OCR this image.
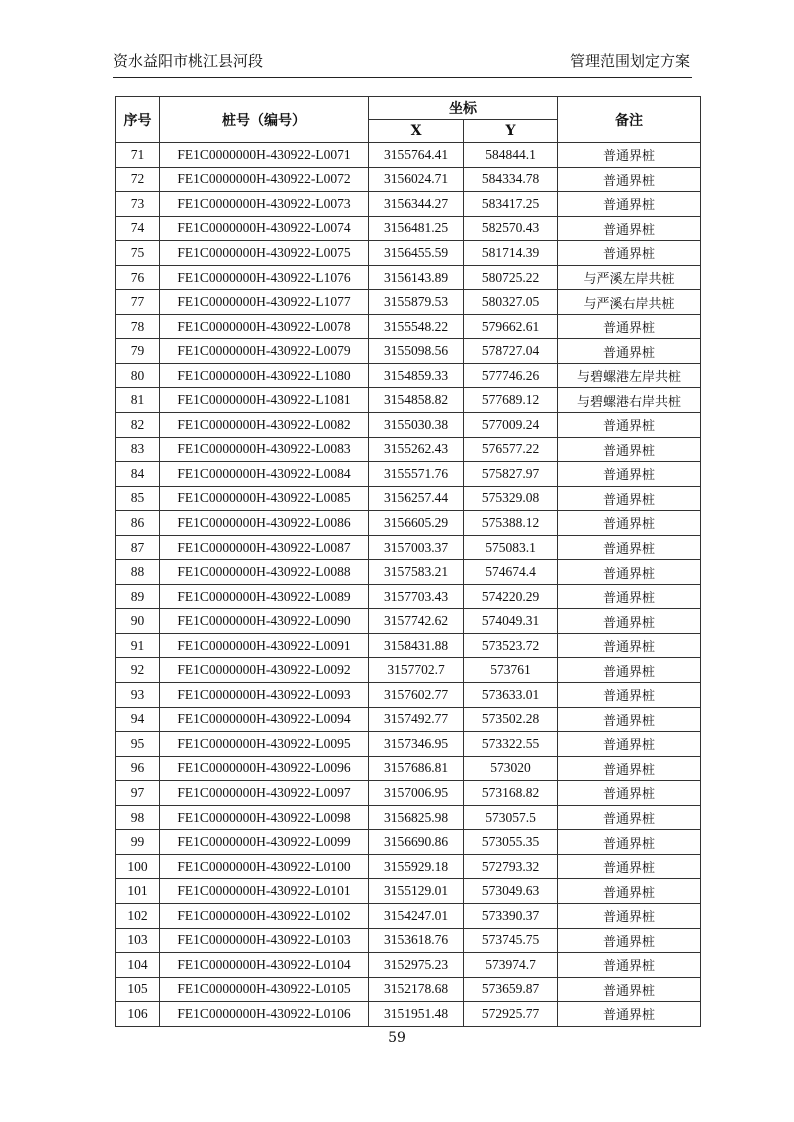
资水益阳市桃江县河段	管理范围划定方案
序号	桩号（编号）	坐标		备注
		X	Y	
71	FE1C0000000H-430922-L0071	3155764.41	584844.1	普通界桩
72	FE1C0000000H-430922-L0072	3156024.71	584334.78	普通界桩
73	FE1C0000000H-430922-L0073	3156344.27	583417.25	普通界桩
74	FE1C0000000H-430922-L0074	3156481.25	582570.43	普通界桩
75	FE1C0000000H-430922-L0075	3156455.59	581714.39	普通界桩
76	FE1C0000000H-430922-L1076	3156143.89	580725.22	与严溪左岸共桩
77	FE1C0000000H-430922-L1077	3155879.53	580327.05	与严溪右岸共桩
78	FE1C0000000H-430922-L0078	3155548.22	579662.61	普通界桩
79	FE1C0000000H-430922-L0079	3155098.56	578727.04	普通界桩
80	FE1C0000000H-430922-L1080	3154859.33	577746.26	与碧螺港左岸共桩
81	FE1C0000000H-430922-L1081	3154858.82	577689.12	与碧螺港右岸共桩
82	FE1C0000000H-430922-L0082	3155030.38	577009.24	普通界桩
83	FE1C0000000H-430922-L0083	3155262.43	576577.22	普通界桩
84	FE1C0000000H-430922-L0084	3155571.76	575827.97	普通界桩
85	FE1C0000000H-430922-L0085	3156257.44	575329.08	普通界桩
86	FE1C0000000H-430922-L0086	3156605.29	575388.12	普通界桩
87	FE1C0000000H-430922-L0087	3157003.37	575083.1	普通界桩
88	FE1C0000000H-430922-L0088	3157583.21	574674.4	普通界桩
89	FE1C0000000H-430922-L0089	3157703.43	574220.29	普通界桩
90	FE1C0000000H-430922-L0090	3157742.62	574049.31	普通界桩
91	FE1C0000000H-430922-L0091	3158431.88	573523.72	普通界桩
92	FE1C0000000H-430922-L0092	3157702.7	573761	普通界桩
93	FE1C0000000H-430922-L0093	3157602.77	573633.01	普通界桩
94	FE1C0000000H-430922-L0094	3157492.77	573502.28	普通界桩
95	FE1C0000000H-430922-L0095	3157346.95	573322.55	普通界桩
96	FE1C0000000H-430922-L0096	3157686.81	573020	普通界桩
97	FE1C0000000H-430922-L0097	3157006.95	573168.82	普通界桩
98	FE1C0000000H-430922-L0098	3156825.98	573057.5	普通界桩
99	FE1C0000000H-430922-L0099	3156690.86	573055.35	普通界桩
100	FE1C0000000H-430922-L0100	3155929.18	572793.32	普通界桩
101	FE1C0000000H-430922-L0101	3155129.01	573049.63	普通界桩
102	FE1C0000000H-430922-L0102	3154247.01	573390.37	普通界桩
103	FE1C0000000H-430922-L0103	3153618.76	573745.75	普通界桩
104	FE1C0000000H-430922-L0104	3152975.23	573974.7	普通界桩
105	FE1C0000000H-430922-L0105	3152178.68	573659.87	普通界桩
106	FE1C0000000H-430922-L0106	3151951.48	572925.77	普通界桩
59
